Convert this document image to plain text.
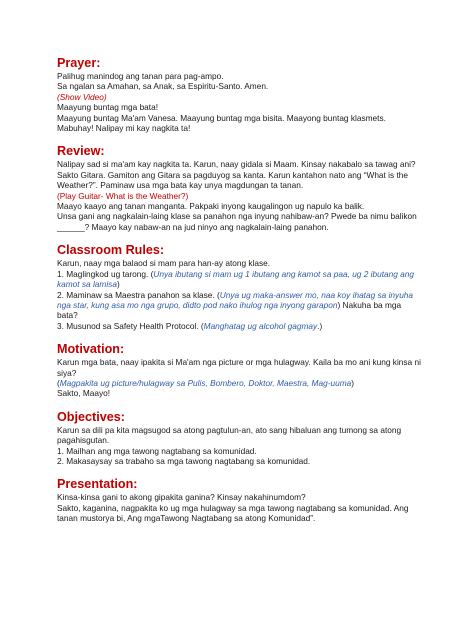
Prayer:

Palihug manindog ang tanan para pag-ampo.

Sa ngalan sa Amahan, sa Anak, sa Espiritu-Santo. Amen.

(Show Video)

Maayung buntag mga bata!

Maayung buntag Ma'am Vanesa. Maayung buntag mga bisita. Maayong buntag klasmets.

Mabuhay! Nalipay mi kay nagkita ta!

Review:

Nalipay sad si ma'am kay nagkita ta. Karun, naay gidala si Maam. Kinsay nakabalo sa tawag ani?

Sakto Gitara. Gamiton ang Gitara sa pagduyog sa kanta. Karun kantahon nato ang “What is the

Weather?”. Paminaw usa mga bata kay unya magdungan ta tanan.

(Play Guitar- What is the Weather?)

Maayo kaayo ang tanan manganta. Pakpaki inyong kaugalingon ug napulo ka balik.

Unsa gani ang nagkalain-laing klase sa panahon nga inyung nahibaw-an? Pwede ba nimu balikon

______? Maayo kay nabaw-an na jud ninyo ang nagkalain-laing panahon.

Classroom Rules:

Karun, naay mga balaod si mam para han-ay atong klase.

1. Maglingkod ug tarong. (Unya ibutang si mam ug 1 ibutang ang kamot sa paa, ug 2 ibutang ang

kamot sa lamisa)

2. Maminaw sa Maestra panahon sa klase. (Unya ug maka-answer mo, naa koy ihatag sa inyuha

nga star, kung asa mo nga grupo, didto pod nako ihulog nga inyong garapon) Nakuha ba mga

bata?

3. Musunod sa Safety Health Protocol. (Manghatag ug alcohol gagmay.)

Motivation:

Karun mga bata, naay ipakita si Ma'am nga picture or mga hulagway. Kaila ba mo ani kung kinsa ni

siya?

(Magpakita ug picture/hulagway sa Pulis, Bombero, Doktor, Maestra, Mag-uuma)

Sakto, Maayo!

Objectives:

Karun sa dili pa kita magsugod sa atong pagtulun-an, ato sang hibaluan ang tumong sa atong

pagahisgutan.

1. Mailhan ang mga tawong nagtabang sa komunidad.

2. Makasaysay sa trabaho sa mga tawong nagtabang sa komunidad.

Presentation:

Kinsa-kinsa gani to akong gipakita ganina? Kinsay nakahinumdom?

Sakto, kaganina, nagpakita ko ug mga hulagway sa mga tawong nagtabang sa komunidad. Ang

tanan mustorya bi, Ang mgaTawong Nagtabang sa atong Komunidad”.
